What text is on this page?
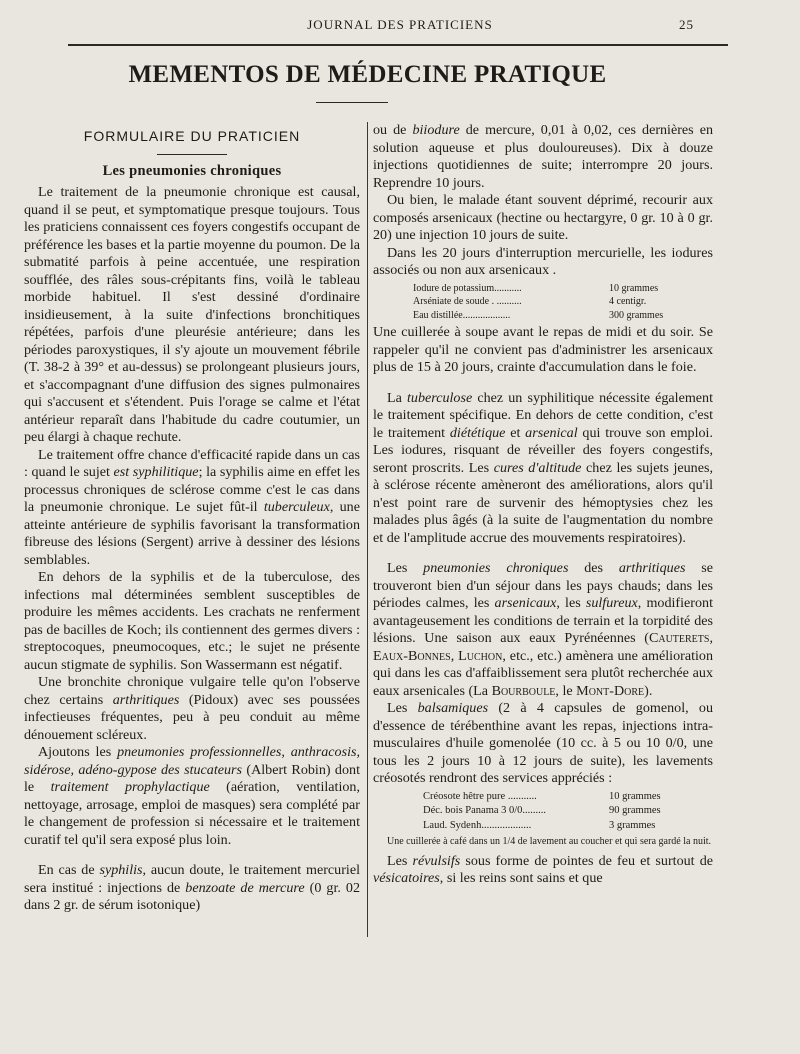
JOURNAL DES PRATICIENS	25
MEMENTOS DE MÉDECINE PRATIQUE
FORMULAIRE DU PRATICIEN
Les pneumonies chroniques

Le traitement de la pneumonie chronique est causal, quand il se peut, et symptomatique presque toujours. Tous les praticiens connaissent ces foyers congestifs occupant de préférence les bases et la partie moyenne du poumon. De la submatité parfois à peine accentuée, une respiration soufflée, des râles sous-crépitants fins, voilà le tableau morbide habituel. Il s'est dessiné d'ordinaire insidieusement, à la suite d'infections bronchitiques répétées, parfois d'une pleurésie antérieure; dans les périodes paroxystiques, il s'y ajoute un mouvement fébrile (T. 38-2 à 39° et au-dessus) se prolongeant plusieurs jours, et s'accompagnant d'une diffusion des signes pulmonaires qui s'accusent et s'étendent. Puis l'orage se calme et l'état antérieur reparaît dans l'habitude du cadre coutumier, un peu élargi à chaque rechute.

Le traitement offre chance d'efficacité rapide dans un cas : quand le sujet est syphilitique; la syphilis aime en effet les processus chroniques de sclérose comme c'est le cas dans la pneumonie chronique. Le sujet fût-il tuberculeux, une atteinte antérieure de syphilis favorisant la transformation fibreuse des lésions (Sergent) arrive à dessiner des lésions semblables.

En dehors de la syphilis et de la tuberculose, des infections mal déterminées semblent susceptibles de produire les mêmes accidents. Les crachats ne renferment pas de bacilles de Koch; ils contiennent des germes divers : streptocoques, pneumocoques, etc.; le sujet ne présente aucun stigmate de syphilis. Son Wassermann est négatif.

Une bronchite chronique vulgaire telle qu'on l'observe chez certains arthritiques (Pidoux) avec ses poussées infectieuses fréquentes, peu à peu conduit au même dénouement scléreux.

Ajoutons les pneumonies professionnelles, anthracosis, sidérose, adéno-gypose des stucateurs (Albert Robin) dont le traitement prophylactique (aération, ventilation, nettoyage, arrosage, emploi de masques) sera complété par le changement de profession si nécessaire et le traitement curatif tel qu'il sera exposé plus loin.

En cas de syphilis, aucun doute, le traitement mercuriel sera institué : injections de benzoate de mercure (0 gr. 02 dans 2 gr. de sérum isotonique)

ou de biiodure de mercure, 0,01 à 0,02, ces dernières en solution aqueuse et plus douloureuses). Dix à douze injections quotidiennes de suite; interrompre 20 jours. Reprendre 10 jours.

Ou bien, le malade étant souvent déprimé, recourir aux composés arsenicaux (hectine ou hectargyre, 0 gr. 10 à 0 gr. 20) une injection 10 jours de suite.

Dans les 20 jours d'interruption mercurielle, les iodures associés ou non aux arsenicaux .

Iodure de potassium...........	10 grammes
Arséniate de soude . ..........	4 centigr.
Eau distillée...................	300 grammes

Une cuillerée à soupe avant le repas de midi et du soir. Se rappeler qu'il ne convient pas d'administrer les arsenicaux plus de 15 à 20 jours, crainte d'accumulation dans le foie.

La tuberculose chez un syphilitique nécessite également le traitement spécifique. En dehors de cette condition, c'est le traitement diététique et arsenical qui trouve son emploi. Les iodures, risquant de réveiller des foyers congestifs, seront proscrits. Les cures d'altitude chez les sujets jeunes, à sclérose récente amèneront des améliorations, alors qu'il n'est point rare de survenir des hémoptysies chez les malades plus âgés (à la suite de l'augmentation du nombre et de l'amplitude accrue des mouvements respiratoires).

Les pneumonies chroniques des arthritiques se trouveront bien d'un séjour dans les pays chauds; dans les périodes calmes, les arsenicaux, les sulfureux, modifieront avantageusement les conditions de terrain et la torpidité des lésions. Une saison aux eaux Pyrénéennes (Cauterets, Eaux-Bonnes, Luchon, etc., etc.) amènera une amélioration qui dans les cas d'affaiblissement sera plutôt recherchée aux eaux arsenicales (La Bourboule, le Mont-Dore).

Les balsamiques (2 à 4 capsules de gomenol, ou d'essence de térébenthine avant les repas, injections intra-musculaires d'huile gomenolée (10 cc. à 5 ou 10 0/0, une tous les 2 jours 10 à 12 jours de suite), les lavements créosotés rendront des services appréciés :

Créosote hêtre pure ...........	10 grammes
Déc. bois Panama 3 0/0.........	90 grammes
Laud. Sydenh...................	3 grammes
Une cuillerée à café dans un 1/4 de lavement au coucher et qui sera gardé la nuit.

Les révulsifs sous forme de pointes de feu et surtout de vésicatoires, si les reins sont sains et que
